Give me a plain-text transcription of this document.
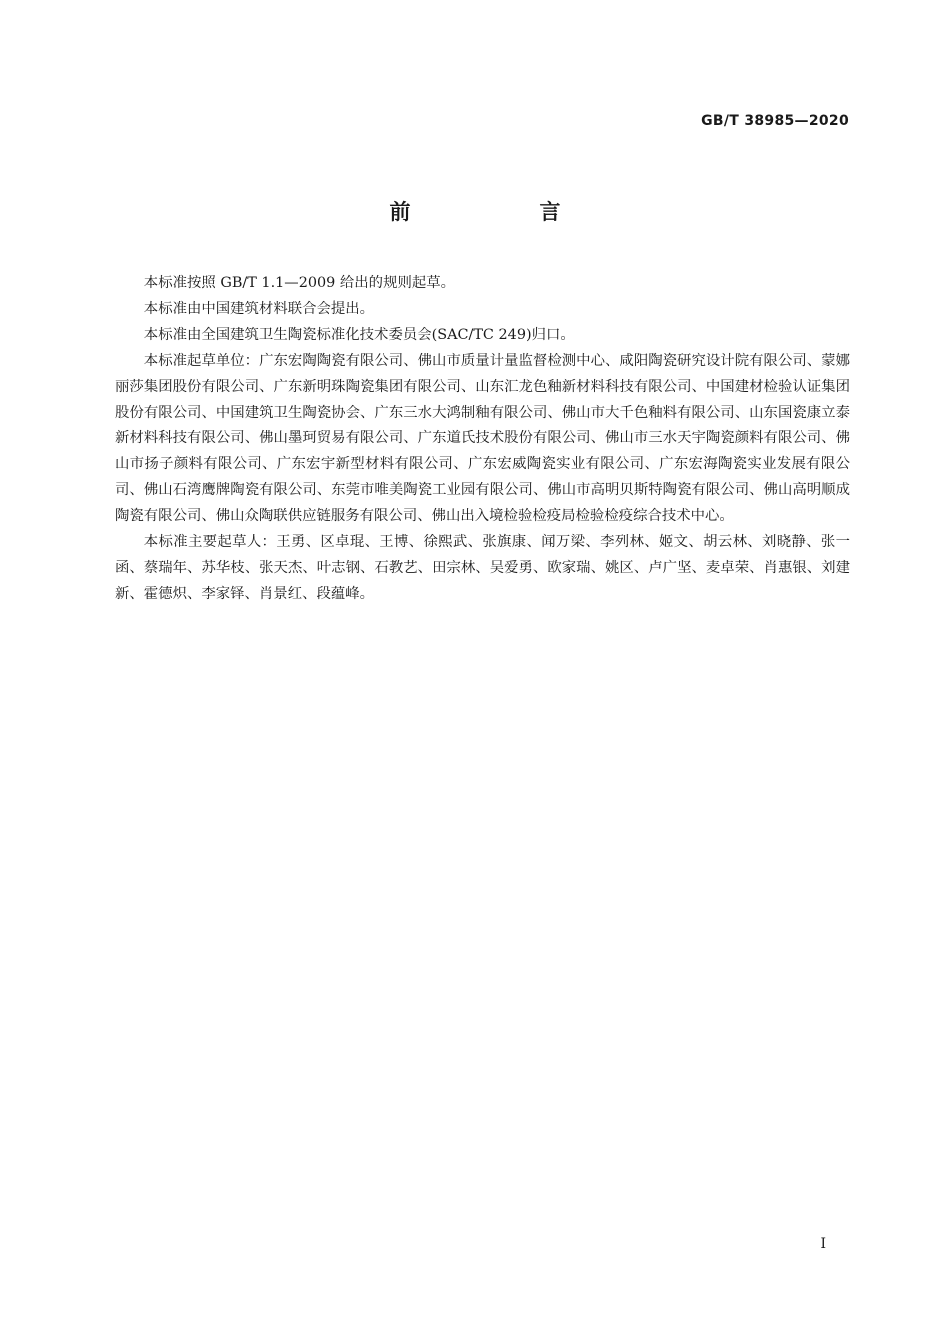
GB/T 38985—2020
前　言

本标准按照 GB/T 1.1—2009 给出的规则起草。

本标准由中国建筑材料联合会提出。

本标准由全国建筑卫生陶瓷标准化技术委员会(SAC/TC 249)归口。

本标准起草单位：广东宏陶陶瓷有限公司、佛山市质量计量监督检测中心、咸阳陶瓷研究设计院有限公司、蒙娜丽莎集团股份有限公司、广东新明珠陶瓷集团有限公司、山东汇龙色釉新材料科技有限公司、中国建材检验认证集团股份有限公司、中国建筑卫生陶瓷协会、广东三水大鸿制釉有限公司、佛山市大千色釉料有限公司、山东国瓷康立泰新材料科技有限公司、佛山墨珂贸易有限公司、广东道氏技术股份有限公司、佛山市三水天宇陶瓷颜料有限公司、佛山市扬子颜料有限公司、广东宏宇新型材料有限公司、广东宏威陶瓷实业有限公司、广东宏海陶瓷实业发展有限公司、佛山石湾鹰牌陶瓷有限公司、东莞市唯美陶瓷工业园有限公司、佛山市高明贝斯特陶瓷有限公司、佛山高明顺成陶瓷有限公司、佛山众陶联供应链服务有限公司、佛山出入境检验检疫局检验检疫综合技术中心。

本标准主要起草人：王勇、区卓琨、王博、徐熙武、张旗康、闻万梁、李列林、姬文、胡云林、刘晓静、张一函、蔡瑞年、苏华枝、张天杰、叶志钢、石教艺、田宗林、吴爱勇、欧家瑞、姚区、卢广坚、麦卓荣、肖惠银、刘建新、霍德炽、李家铎、肖景红、段蕴峰。

I
